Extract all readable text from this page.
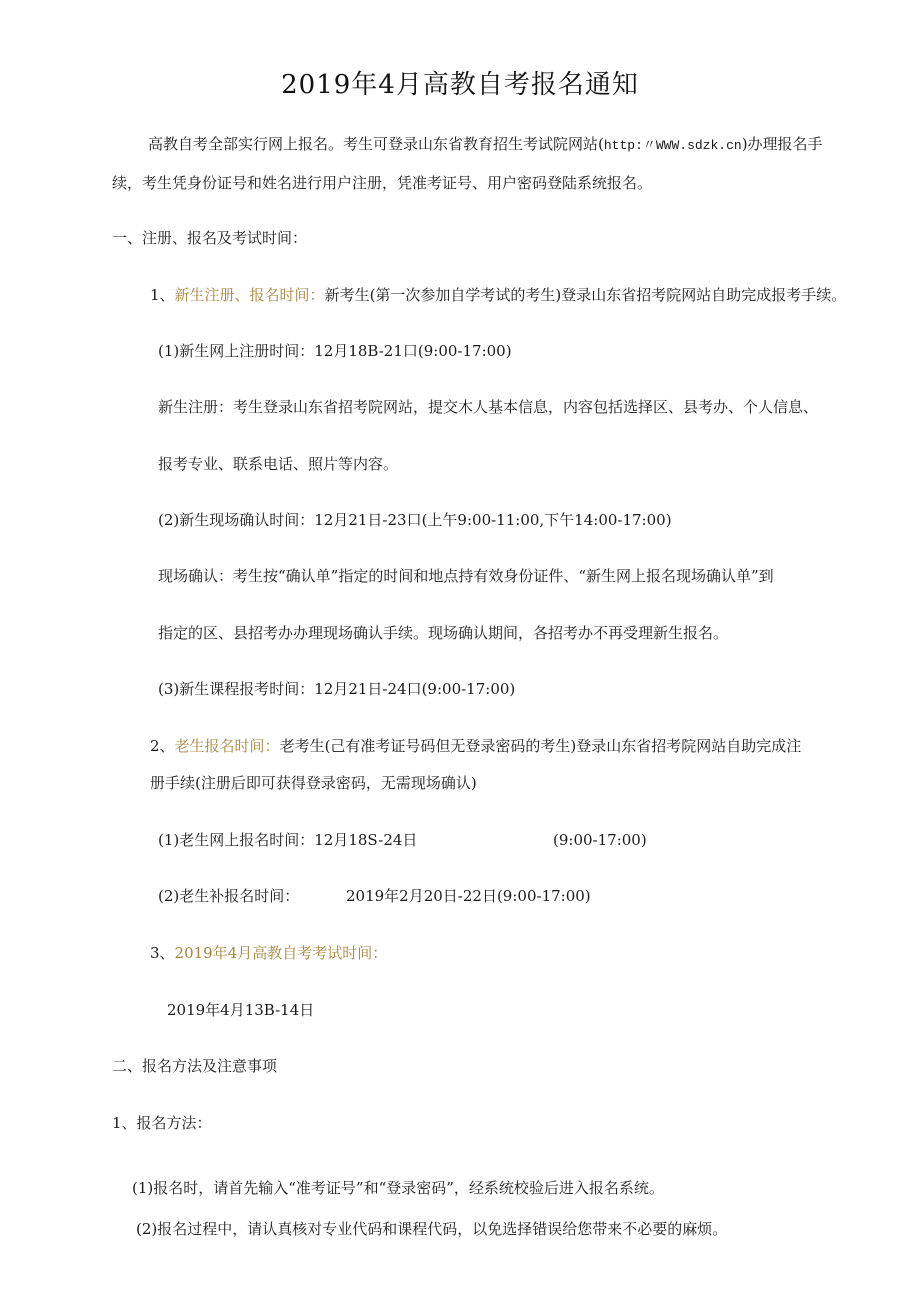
2019年4月高教自考报名通知
高教自考全部实行网上报名。考生可登录山东省教育招生考试院网站(http:〃WWW.sdzk.cn)办理报名手
续，考生凭身份证号和姓名进行用户注册，凭准考证号、用户密码登陆系统报名。
一、注册、报名及考试时间：
1、新生注册、报名时间：新考生(第一次参加自学考试的考生)登录山东省招考院网站自助完成报考手续。
(1)新生网上注册时间：12月18B-21口(9:00-17:00)
新生注册：考生登录山东省招考院网站，提交木人基本信息，内容包括选择区、县考办、个人信息、
报考专业、联系电话、照片等内容。
(2)新生现场确认时间：12月21日-23口(上午9:00-11:00,下午14:00-17:00)
现场确认：考生按“确认单”指定的时间和地点持有效身份证件、“新生网上报名现场确认单”到
指定的区、县招考办办理现场确认手续。现场确认期间，各招考办不再受理新生报名。
(3)新生课程报考时间：12月21日-24口(9:00-17:00)
2、老生报名时间：老考生(己有准考证号码但无登录密码的考生)登录山东省招考院网站自助完成注
册手续(注册后即可获得登录密码，无需现场确认)
(1)老生网上报名时间：12月18S-24日	(9:00-17:00)
(2)老生补报名时间：	2019年2月20日-22日(9:00-17:00)
3、2019年4月高教自考考试时间：
2019年4月13B-14日
二、报名方法及注意事项
1、报名方法：
(1)报名时，请首先输入“准考证号”和“登录密码”，经系统校验后进入报名系统。
(2)报名过程中，请认真核对专业代码和课程代码，以免选择错误给您带来不必要的麻烦。
